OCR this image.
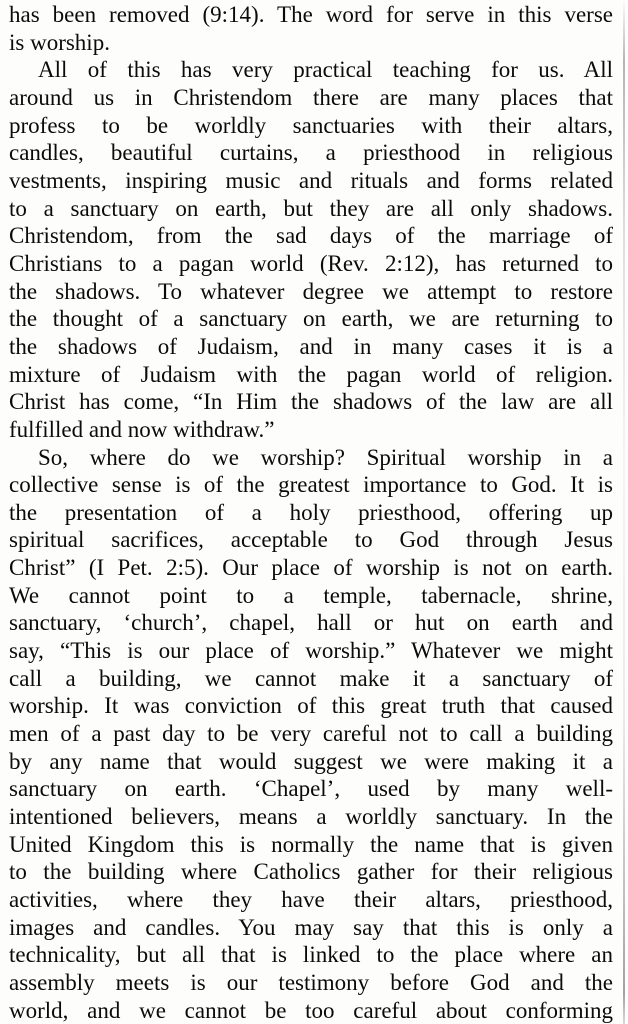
has been removed (9:14). The word for serve in this verse
is worship.
All of this has very practical teaching for us. All
around us in Christendom there are many places that
profess to be worldly sanctuaries with their altars,
candles, beautiful curtains, a priesthood in religious
vestments, inspiring music and rituals and forms related
to a sanctuary on earth, but they are all only shadows.
Christendom, from the sad days of the marriage of
Christians to a pagan world (Rev. 2:12), has returned to
the shadows. To whatever degree we attempt to restore
the thought of a sanctuary on earth, we are returning to
the shadows of Judaism, and in many cases it is a
mixture of Judaism with the pagan world of religion.
Christ has come, “In Him the shadows of the law are all
fulfilled and now withdraw.”
So, where do we worship? Spiritual worship in a
collective sense is of the greatest importance to God. It is
the presentation of a holy priesthood, offering up
spiritual sacrifices, acceptable to God through Jesus
Christ” (I Pet. 2:5). Our place of worship is not on earth.
We cannot point to a temple, tabernacle, shrine,
sanctuary, ‘church’, chapel, hall or hut on earth and
say, “This is our place of worship.” Whatever we might
call a building, we cannot make it a sanctuary of
worship. It was conviction of this great truth that caused
men of a past day to be very careful not to call a building
by any name that would suggest we were making it a
sanctuary on earth. ‘Chapel’, used by many well-
intentioned believers, means a worldly sanctuary. In the
United Kingdom this is normally the name that is given
to the building where Catholics gather for their religious
activities, where they have their altars, priesthood,
images and candles. You may say that this is only a
technicality, but all that is linked to the place where an
assembly meets is our testimony before God and the
world, and we cannot be too careful about conforming
